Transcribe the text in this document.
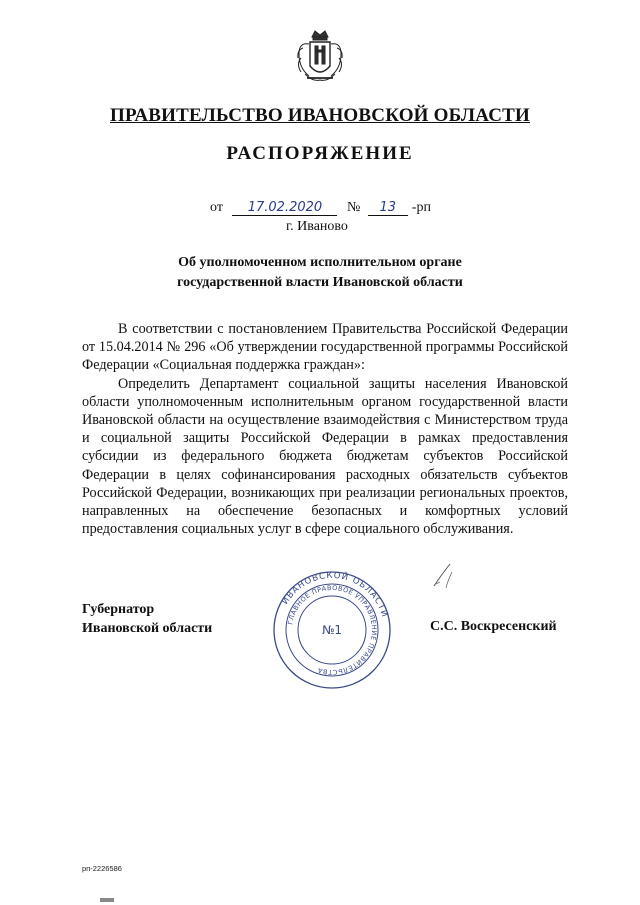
ПРАВИТЕЛЬСТВО ИВАНОВСКОЙ ОБЛАСТИ
РАСПОРЯЖЕНИЕ
от 17.02.2020 № 13 -рп
г. Иваново
Об уполномоченном исполнительном органе
государственной власти Ивановской области

В соответствии с постановлением Правительства Российской Федерации от 15.04.2014 № 296 «Об утверждении государственной программы Российской Федерации «Социальная поддержка граждан»:

Определить Департамент социальной защиты населения Ивановской области уполномоченным исполнительным органом государственной власти Ивановской области на осуществление взаимодействия с Министерством труда и социальной защиты Российской Федерации в рамках предоставления субсидии из федерального бюджета бюджетам субъектов Российской Федерации в целях софинансирования расходных обязательств субъектов Российской Федерации, возникающих при реализации региональных проектов, направленных на обеспечение безопасных и комфортных условий предоставления социальных услуг в сфере социального обслуживания.

Губернатор
Ивановской области
ИВАНОВСКОЙ ОБЛАСТИ
ГЛАВНОЕ ПРАВОВОЕ УПРАВЛЕНИЕ ПРАВИТЕЛЬСТВА
№1	С.С. Воскресенский
рп-2226586
